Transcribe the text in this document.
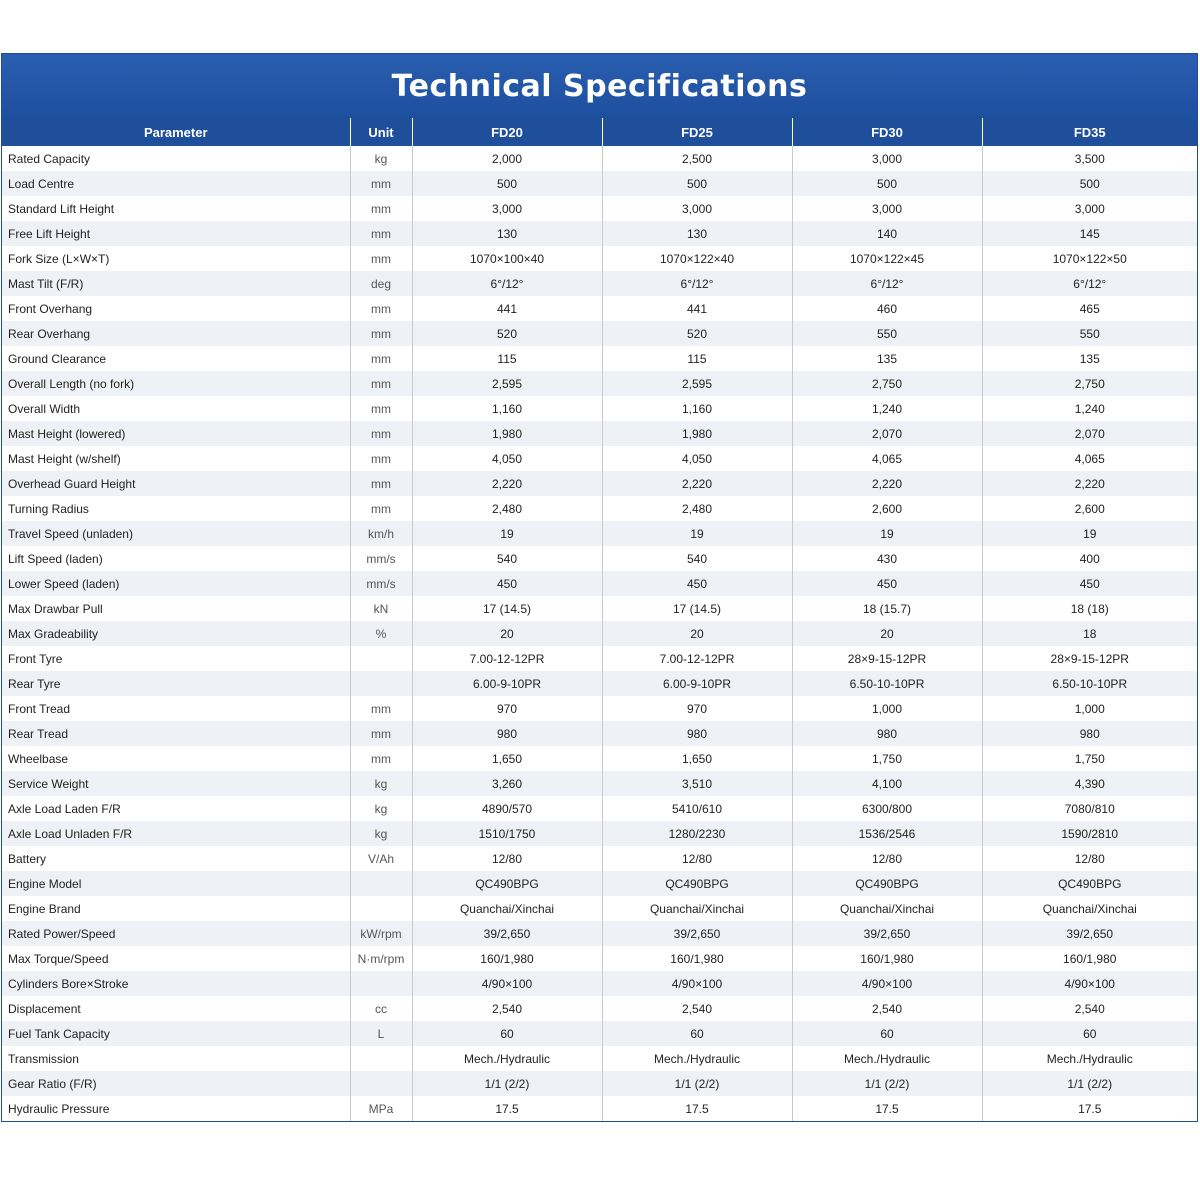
Technical Specifications
Parameter	Unit	FD20	FD25	FD30	FD35
Rated Capacity	kg	2,000	2,500	3,000	3,500
Load Centre	mm	500	500	500	500
Standard Lift Height	mm	3,000	3,000	3,000	3,000
Free Lift Height	mm	130	130	140	145
Fork Size (L×W×T)	mm	1070×100×40	1070×122×40	1070×122×45	1070×122×50
Mast Tilt (F/R)	deg	6°/12°	6°/12°	6°/12°	6°/12°
Front Overhang	mm	441	441	460	465
Rear Overhang	mm	520	520	550	550
Ground Clearance	mm	115	115	135	135
Overall Length (no fork)	mm	2,595	2,595	2,750	2,750
Overall Width	mm	1,160	1,160	1,240	1,240
Mast Height (lowered)	mm	1,980	1,980	2,070	2,070
Mast Height (w/shelf)	mm	4,050	4,050	4,065	4,065
Overhead Guard Height	mm	2,220	2,220	2,220	2,220
Turning Radius	mm	2,480	2,480	2,600	2,600
Travel Speed (unladen)	km/h	19	19	19	19
Lift Speed (laden)	mm/s	540	540	430	400
Lower Speed (laden)	mm/s	450	450	450	450
Max Drawbar Pull	kN	17 (14.5)	17 (14.5)	18 (15.7)	18 (18)
Max Gradeability	%	20	20	20	18
Front Tyre		7.00-12-12PR	7.00-12-12PR	28×9-15-12PR	28×9-15-12PR
Rear Tyre		6.00-9-10PR	6.00-9-10PR	6.50-10-10PR	6.50-10-10PR
Front Tread	mm	970	970	1,000	1,000
Rear Tread	mm	980	980	980	980
Wheelbase	mm	1,650	1,650	1,750	1,750
Service Weight	kg	3,260	3,510	4,100	4,390
Axle Load Laden F/R	kg	4890/570	5410/610	6300/800	7080/810
Axle Load Unladen F/R	kg	1510/1750	1280/2230	1536/2546	1590/2810
Battery	V/Ah	12/80	12/80	12/80	12/80
Engine Model		QC490BPG	QC490BPG	QC490BPG	QC490BPG
Engine Brand		Quanchai/Xinchai	Quanchai/Xinchai	Quanchai/Xinchai	Quanchai/Xinchai
Rated Power/Speed	kW/rpm	39/2,650	39/2,650	39/2,650	39/2,650
Max Torque/Speed	N·m/rpm	160/1,980	160/1,980	160/1,980	160/1,980
Cylinders Bore×Stroke		4/90×100	4/90×100	4/90×100	4/90×100
Displacement	cc	2,540	2,540	2,540	2,540
Fuel Tank Capacity	L	60	60	60	60
Transmission		Mech./Hydraulic	Mech./Hydraulic	Mech./Hydraulic	Mech./Hydraulic
Gear Ratio (F/R)		1/1 (2/2)	1/1 (2/2)	1/1 (2/2)	1/1 (2/2)
Hydraulic Pressure	MPa	17.5	17.5	17.5	17.5
